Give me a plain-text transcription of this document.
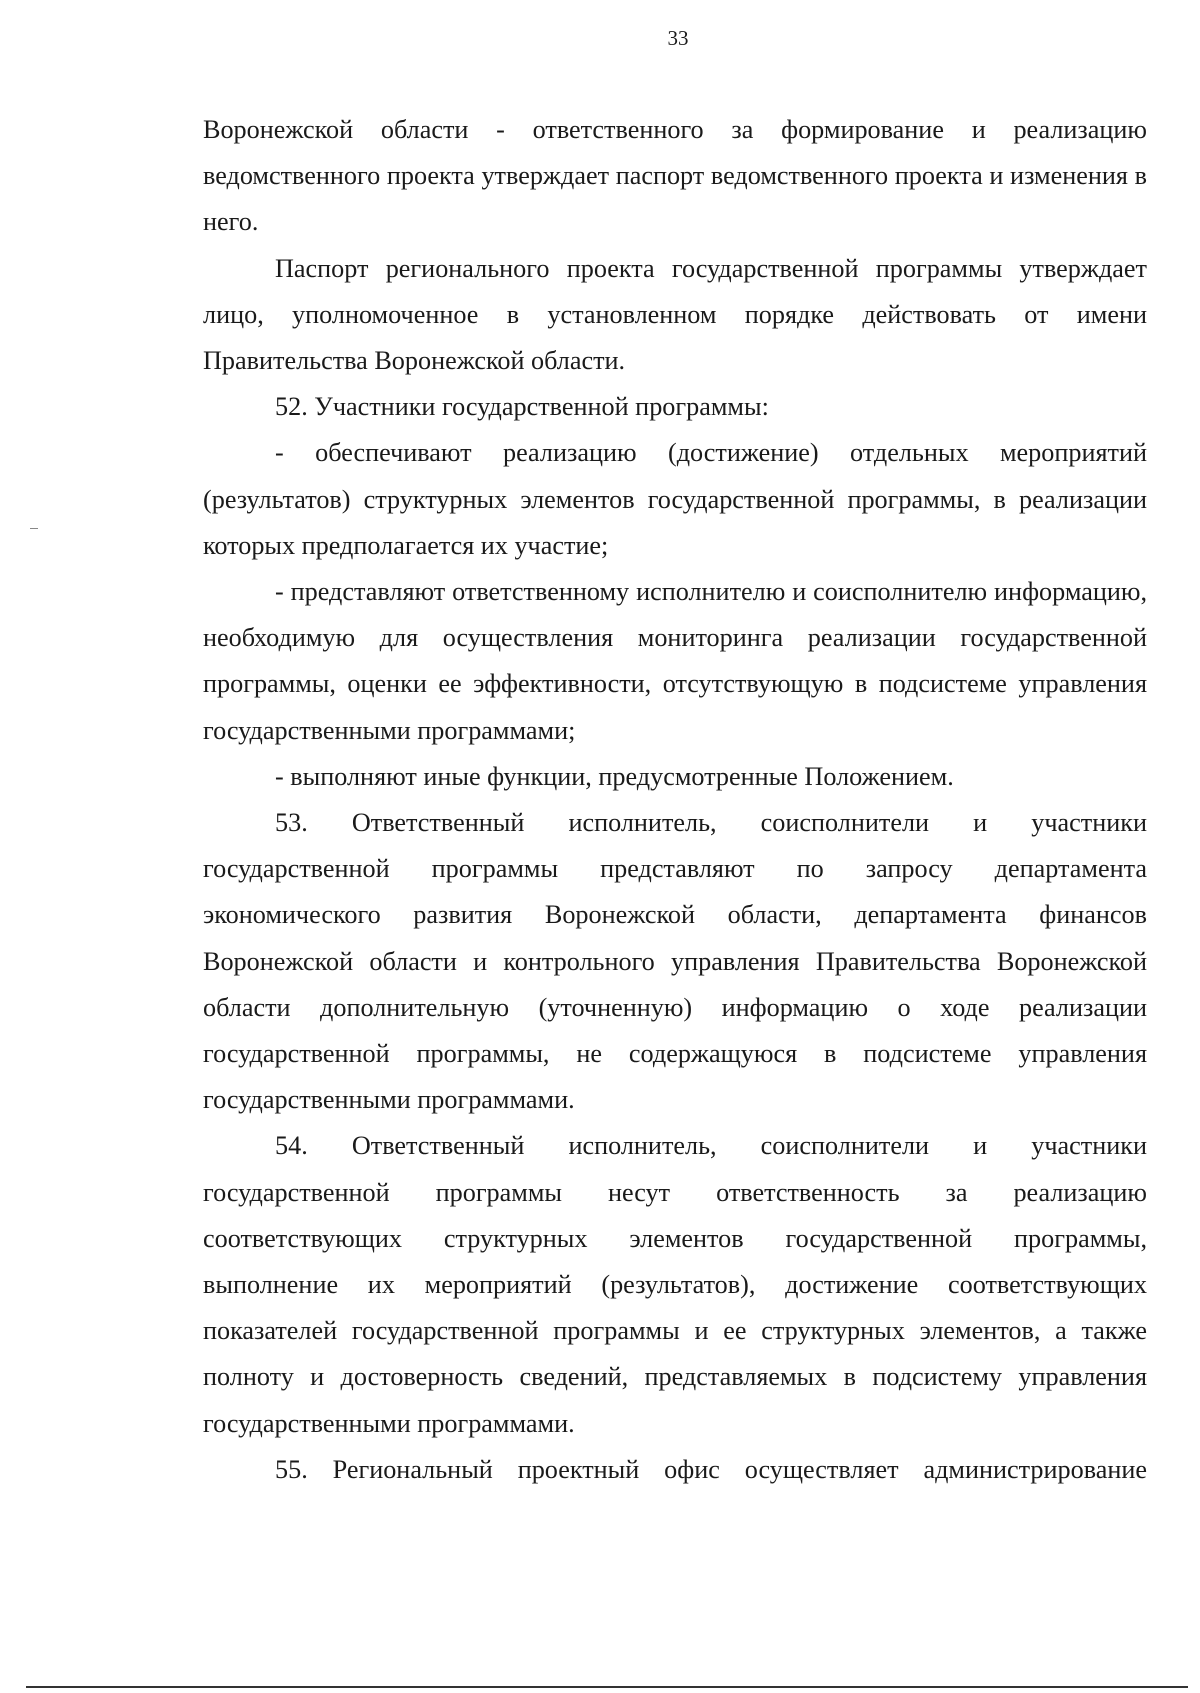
33

Воронежской области - ответственного за формирование и реализацию ведомственного проекта утверждает паспорт ведомственного проекта и изменения в него.

Паспорт регионального проекта государственной программы утверждает лицо, уполномоченное в установленном порядке действовать от имени Правительства Воронежской области.

52. Участники государственной программы:

- обеспечивают реализацию (достижение) отдельных мероприятий (результатов) структурных элементов государственной программы, в реализации которых предполагается их участие;

- представляют ответственному исполнителю и соисполнителю информацию, необходимую для осуществления мониторинга реализации государственной программы, оценки ее эффективности, отсутствующую в подсистеме управления государственными программами;

- выполняют иные функции, предусмотренные Положением.

53. Ответственный исполнитель, соисполнители и участники государственной программы представляют по запросу департамента экономического развития Воронежской области, департамента финансов Воронежской области и контрольного управления Правительства Воронежской области дополнительную (уточненную) информацию о ходе реализации государственной программы, не содержащуюся в подсистеме управления государственными программами.

54. Ответственный исполнитель, соисполнители и участники государственной программы несут ответственность за реализацию соответствующих структурных элементов государственной программы, выполнение их мероприятий (результатов), достижение соответствующих показателей государственной программы и ее структурных элементов, а также полноту и достоверность сведений, представляемых в подсистему управления государственными программами.

55. Региональный проектный офис осуществляет администрирование
